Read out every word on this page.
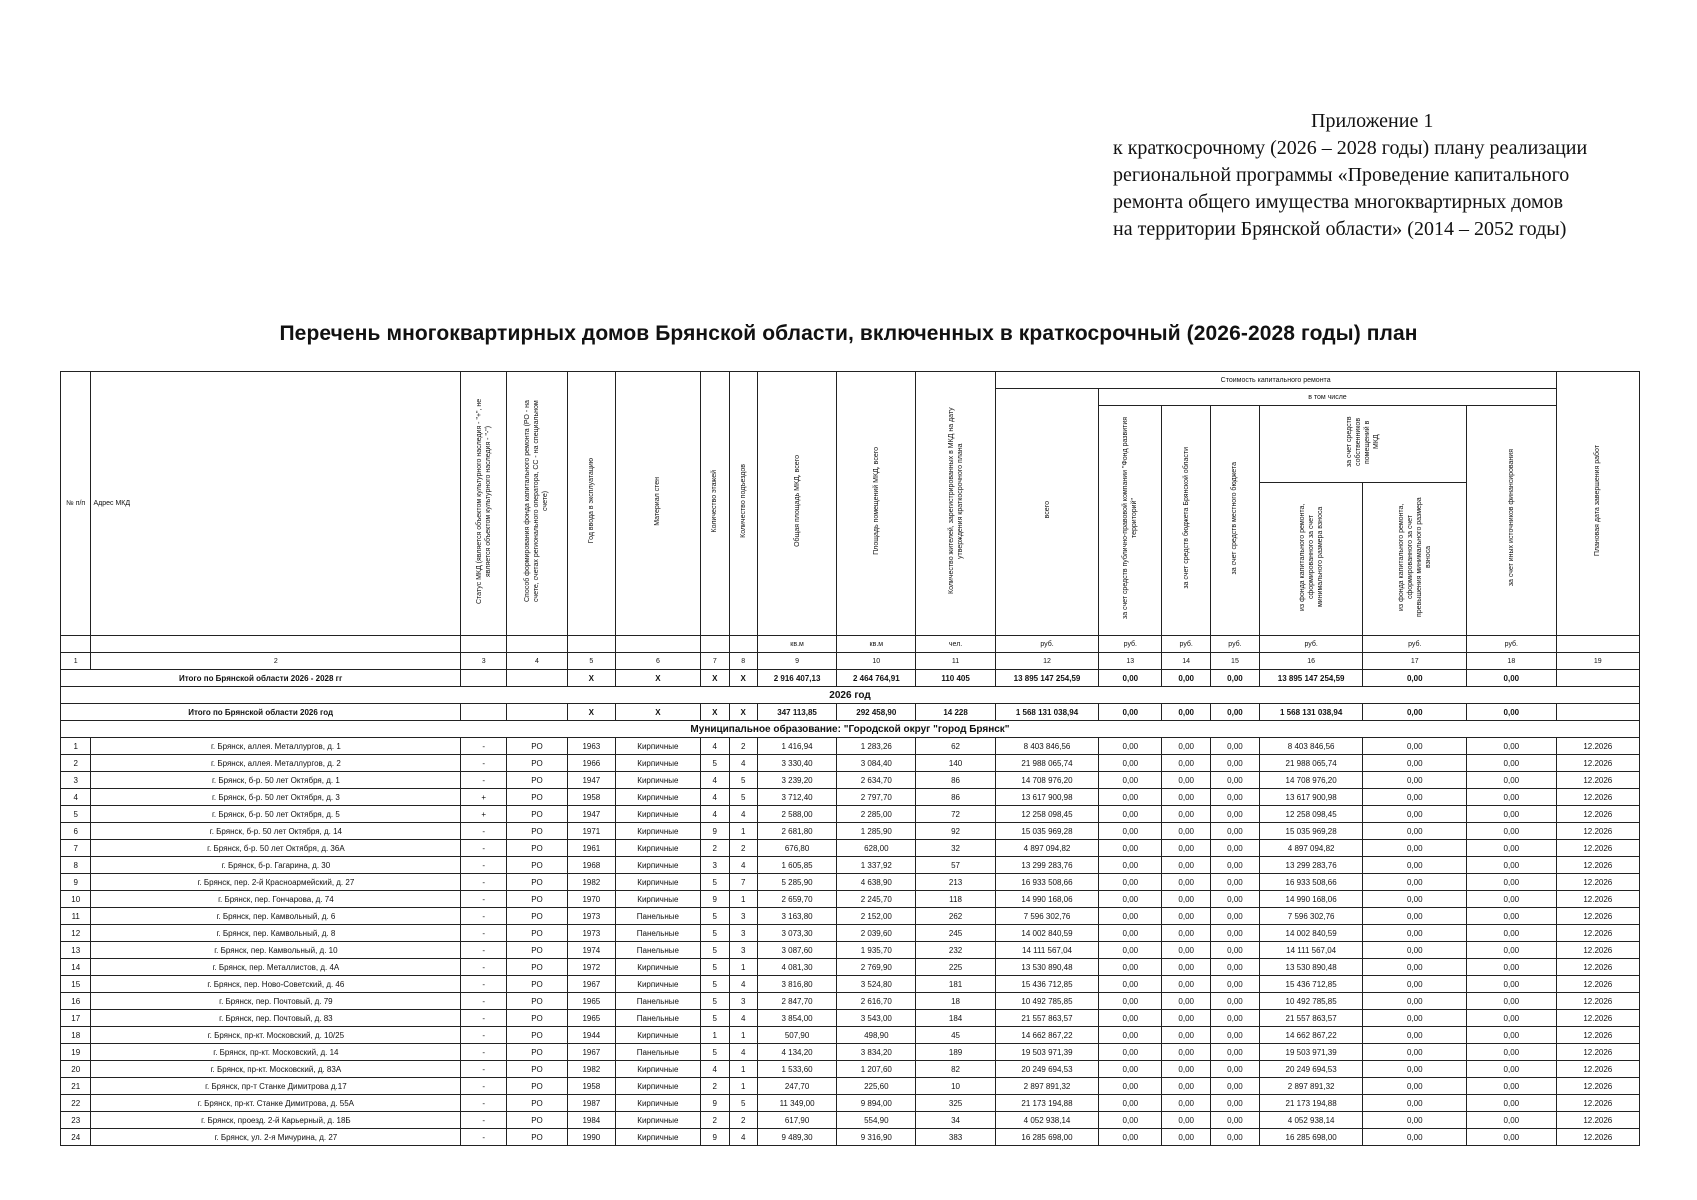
Приложение 1
к краткосрочному (2026 – 2028 годы) плану реализации
региональной программы «Проведение капитального
ремонта общего имущества многоквартирных домов
на территории Брянской области» (2014 – 2052 годы)
Перечень многоквартирных домов Брянской области, включенных в краткосрочный (2026-2028 годы) план
№ п/п	Адрес МКД	Статус МКД (является объектом культурного наследия - "+", не является объектом культурного наследия - "-")	Способ формирования фонда капитального ремонта (РО - на счете, счетах регионального оператора, СС - на специальном счете)	Год ввода в эксплуатацию	Материал стен	Количество этажей	Количество подъездов	Общая площадь МКД, всего	Площадь помещений МКД, всего	Количество жителей, зарегистрированных в МКД на дату утверждения краткосрочного плана	Стоимость капитального ремонта							Плановая дата завершения работ
											всего	в том числе						
												за счет средств публично-правовой компании "Фонд развития территорий"	за счет средств бюджета Брянской области	за счет средств местного бюджета	за счет средств собственников помещений в МКД		за счет иных источников финансирования	
															из фонда капитального ремонта, сформированного за счет минимального размера взноса	из фонда капитального ремонта, сформированного за счет превышения минимального размера взноса		
								кв.м	кв.м	чел.	руб.	руб.	руб.	руб.	руб.	руб.	руб.	
1	2	3	4	5	6	7	8	9	10	11	12	13	14	15	16	17	18	19
Итого по Брянской области 2026 - 2028 гг				X	X	X	X	2 916 407,13	2 464 764,91	110 405	13 895 147 254,59	0,00	0,00	0,00	13 895 147 254,59	0,00	0,00	
2026 год																		
Итого по Брянской области 2026 год				X	X	X	X	347 113,85	292 458,90	14 228	1 568 131 038,94	0,00	0,00	0,00	1 568 131 038,94	0,00	0,00	
Муниципальное образование: "Городской округ "город Брянск"																		
1	г. Брянск, аллея. Металлургов, д. 1	-	РО	1963	Кирпичные	4	2	1 416,94	1 283,26	62	8 403 846,56	0,00	0,00	0,00	8 403 846,56	0,00	0,00	12.2026
2	г. Брянск, аллея. Металлургов, д. 2	-	РО	1966	Кирпичные	5	4	3 330,40	3 084,40	140	21 988 065,74	0,00	0,00	0,00	21 988 065,74	0,00	0,00	12.2026
3	г. Брянск, б-р. 50 лет Октября, д. 1	-	РО	1947	Кирпичные	4	5	3 239,20	2 634,70	86	14 708 976,20	0,00	0,00	0,00	14 708 976,20	0,00	0,00	12.2026
4	г. Брянск, б-р. 50 лет Октября, д. 3	+	РО	1958	Кирпичные	4	5	3 712,40	2 797,70	86	13 617 900,98	0,00	0,00	0,00	13 617 900,98	0,00	0,00	12.2026
5	г. Брянск, б-р. 50 лет Октября, д. 5	+	РО	1947	Кирпичные	4	4	2 588,00	2 285,00	72	12 258 098,45	0,00	0,00	0,00	12 258 098,45	0,00	0,00	12.2026
6	г. Брянск, б-р. 50 лет Октября, д. 14	-	РО	1971	Кирпичные	9	1	2 681,80	1 285,90	92	15 035 969,28	0,00	0,00	0,00	15 035 969,28	0,00	0,00	12.2026
7	г. Брянск, б-р. 50 лет Октября, д. 36А	-	РО	1961	Кирпичные	2	2	676,80	628,00	32	4 897 094,82	0,00	0,00	0,00	4 897 094,82	0,00	0,00	12.2026
8	г. Брянск, б-р. Гагарина, д. 30	-	РО	1968	Кирпичные	3	4	1 605,85	1 337,92	57	13 299 283,76	0,00	0,00	0,00	13 299 283,76	0,00	0,00	12.2026
9	г. Брянск, пер. 2-й Красноармейский, д. 27	-	РО	1982	Кирпичные	5	7	5 285,90	4 638,90	213	16 933 508,66	0,00	0,00	0,00	16 933 508,66	0,00	0,00	12.2026
10	г. Брянск, пер. Гончарова, д. 74	-	РО	1970	Кирпичные	9	1	2 659,70	2 245,70	118	14 990 168,06	0,00	0,00	0,00	14 990 168,06	0,00	0,00	12.2026
11	г. Брянск, пер. Камвольный, д. 6	-	РО	1973	Панельные	5	3	3 163,80	2 152,00	262	7 596 302,76	0,00	0,00	0,00	7 596 302,76	0,00	0,00	12.2026
12	г. Брянск, пер. Камвольный, д. 8	-	РО	1973	Панельные	5	3	3 073,30	2 039,60	245	14 002 840,59	0,00	0,00	0,00	14 002 840,59	0,00	0,00	12.2026
13	г. Брянск, пер. Камвольный, д. 10	-	РО	1974	Панельные	5	3	3 087,60	1 935,70	232	14 111 567,04	0,00	0,00	0,00	14 111 567,04	0,00	0,00	12.2026
14	г. Брянск, пер. Металлистов, д. 4А	-	РО	1972	Кирпичные	5	1	4 081,30	2 769,90	225	13 530 890,48	0,00	0,00	0,00	13 530 890,48	0,00	0,00	12.2026
15	г. Брянск, пер. Ново-Советский, д. 46	-	РО	1967	Кирпичные	5	4	3 816,80	3 524,80	181	15 436 712,85	0,00	0,00	0,00	15 436 712,85	0,00	0,00	12.2026
16	г. Брянск, пер. Почтовый, д. 79	-	РО	1965	Панельные	5	3	2 847,70	2 616,70	18	10 492 785,85	0,00	0,00	0,00	10 492 785,85	0,00	0,00	12.2026
17	г. Брянск, пер. Почтовый, д. 83	-	РО	1965	Панельные	5	4	3 854,00	3 543,00	184	21 557 863,57	0,00	0,00	0,00	21 557 863,57	0,00	0,00	12.2026
18	г. Брянск, пр-кт. Московский, д. 10/25	-	РО	1944	Кирпичные	1	1	507,90	498,90	45	14 662 867,22	0,00	0,00	0,00	14 662 867,22	0,00	0,00	12.2026
19	г. Брянск, пр-кт. Московский, д. 14	-	РО	1967	Панельные	5	4	4 134,20	3 834,20	189	19 503 971,39	0,00	0,00	0,00	19 503 971,39	0,00	0,00	12.2026
20	г. Брянск, пр-кт. Московский, д. 83А	-	РО	1982	Кирпичные	4	1	1 533,60	1 207,60	82	20 249 694,53	0,00	0,00	0,00	20 249 694,53	0,00	0,00	12.2026
21	г. Брянск, пр-т Станке Димитрова д.17	-	РО	1958	Кирпичные	2	1	247,70	225,60	10	2 897 891,32	0,00	0,00	0,00	2 897 891,32	0,00	0,00	12.2026
22	г. Брянск, пр-кт. Станке Димитрова, д. 55А	-	РО	1987	Кирпичные	9	5	11 349,00	9 894,00	325	21 173 194,88	0,00	0,00	0,00	21 173 194,88	0,00	0,00	12.2026
23	г. Брянск, проезд. 2-й Карьерный, д. 18Б	-	РО	1984	Кирпичные	2	2	617,90	554,90	34	4 052 938,14	0,00	0,00	0,00	4 052 938,14	0,00	0,00	12.2026
24	г. Брянск, ул. 2-я Мичурина, д. 27	-	РО	1990	Кирпичные	9	4	9 489,30	9 316,90	383	16 285 698,00	0,00	0,00	0,00	16 285 698,00	0,00	0,00	12.2026
